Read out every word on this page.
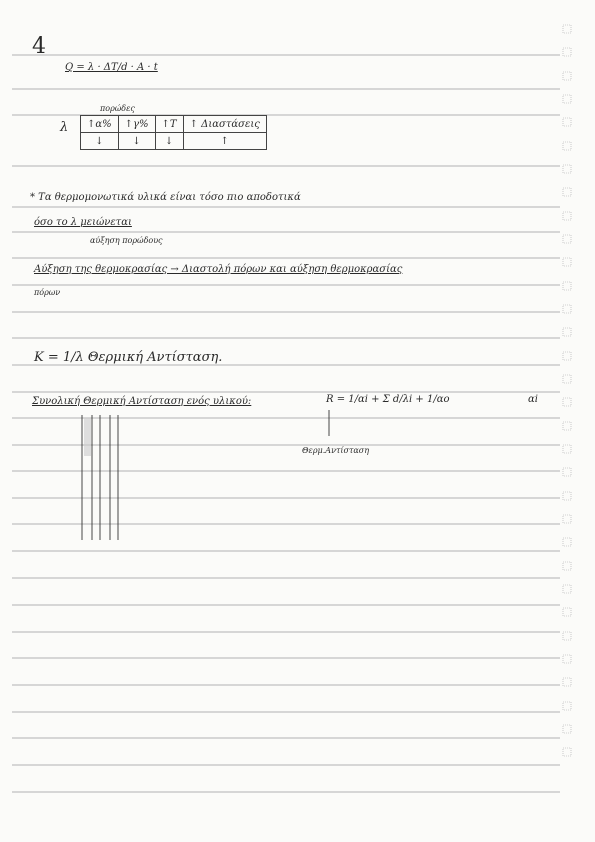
4
Q = λ · ΔT/d · A · t
πορώδες
λ ↑α%	↑γ%	↑T	↑ Διαστάσεις
↓	↓	↓	↑
* Τα θερμομονωτικά υλικά είναι τόσο πιο αποδοτικά
όσο το λ μειώνεται
αύξηση πορώδους
Αύξηση της θερμοκρασίας → Διαστολή πόρων και αύξηση θερμοκρασίας
πόρων
K = 1/λ Θερμική Αντίσταση.
Συνολική Θερμική Αντίσταση ενός υλικού:	R = 1/αi + Σ d/λi + 1/αo	αi
Θερμ.Αντίσταση
